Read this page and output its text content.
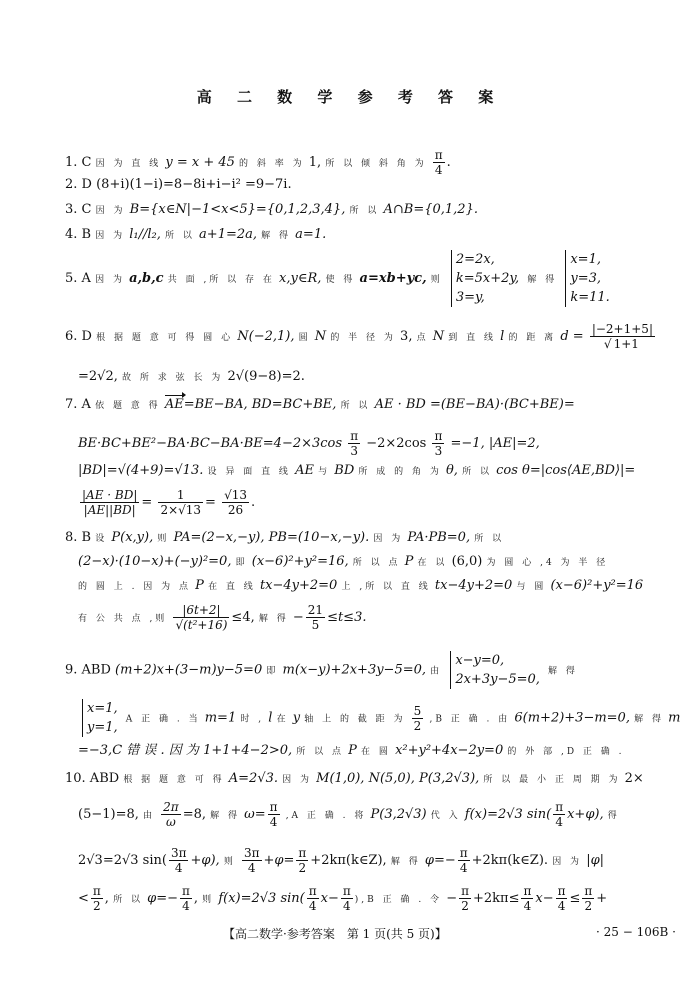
高 二 数 学 参 考 答 案
1. C 因 为 直 线 y = x + 45 的 斜 率 为 1, 所 以 倾 斜 角 为 $\frac{\pi}{4}$ .
2. D (8+i)(1−i)=8−8i+i−i² =9−7i.
3. C 因 为 B={x∈N|−1<x<5}={0,1,2,3,4}, 所 以 A∩B={0,1,2}.
4. B 因 为 l₁//l₂, 所 以 a+1=2a, 解 得 a=1.
5. A 因 为 a,b,c 共 面 ,所 以 存 在 x,y∈R, 使 得 a=xb+yc, 则 2=2x,
k=5x+2y,
3=y, 解 得 x=1,
y=3,
k=11.
6. D 根 据 题 意 可 得 圆 心 N(−2,1), 圆 N 的 半 径 为 3, 点 N 到 直 线 l 的 距 离 $d = \frac{|-2+1+5|}{√ 1+1}$
=2√2, 故 所 求 弦 长 为 2√(9−8)=2.
7. A 依 题 意 得 AE=BE−BA, BD=BC+BE, 所 以 AE · BD =(BE−BA)·(BC+BE)=
$BE\cdot BC+BE^2-BA\cdot BC-BA\cdot BE=4-2\times 3\cos \frac{\pi}{3} -2\times 2\cos \frac{\pi}{3} =-1$, |AE|=2,
|BD|=√(4+9)=√13. 设 异 面 直 线 AE 与 BD 所 成 的 角 为 θ, 所 以 cos θ=|cos⟨AE,BD⟩|=
$\frac{|AE \cdot BD|}{|AE||BD|} = \frac{1}{2\times√13} = \frac{√13}{26}$ .
8. B 设 P(x,y), 则 PA=(2−x,−y), PB=(10−x,−y). 因 为 PA·PB=0, 所 以
(2−x)·(10−x)+(−y)²=0, 即 (x−6)²+y²=16, 所 以 点 P 在 以 (6,0) 为 圆 心 ,4 为 半 径
的 圆 上 . 因 为 点 P 在 直 线 tx−4y+2=0 上 ,所 以 直 线 tx−4y+2=0 与 圆 (x−6)²+y²=16
有 公 共 点 ,则 $\frac{|6t+2|}{\text{√(t²+16)}} \le 4$, 解 得 − $\frac{21}{5} \le t\le 3$.
9. ABD (m+2)x+(3−m)y−5=0 即 m(x−y)+2x+3y−5=0, 由 x−y=0,
2x+3y−5=0, 解 得
x=1,
y=1, A 正 确 . 当 m=1 时 , l 在 y 轴 上 的 截 距 为 $\frac{5}{2} ,B$ 正 确 . 由 6(m+2)+3−m=0, 解 得 m
=−3,C 错 误 . 因 为 1+1+4−2>0, 所 以 点 P 在 圆 x²+y²+4x−2y=0 的 外 部 ,D 正 确 .
10. ABD 根 据 题 意 可 得 A=2√3. 因 为 M(1,0), N(5,0), P(3,2√3), 所 以 最 小 正 周 期 为 2×
(5−1)=8, 由 $\frac{2\pi}{\omega} =8$, 解 得 $\omega= \frac{\pi}{4} ,A$ 正 确 . 将 P(3,2√3) 代 入 f(x)=2√3 $\sin( \frac{\pi}{4} x+\varphi)$, 得
2√3=2√3 $\sin( \frac{3\pi}{4} +\varphi)$, 则 $\frac{3\pi}{4} +\varphi= \frac{\pi}{2}$ +2kπ(k∈Z), 解 得 $\varphi=- \frac{\pi}{4}$ +2kπ(k∈Z). 因 为 |φ|
< $\frac{\pi}{2}$ , 所 以 $\varphi=- \frac{\pi}{4}$ , 则 f(x)=2√3 $\sin( \frac{\pi}{4} x- \frac{\pi}{4} ),B$ 正 确 . 令 − $\frac{\pi}{2} +2k\pi\le \frac{\pi}{4} x- \frac{\pi}{4} \le \frac{\pi}{2}$ +
【高二数学·参考答案　第 1 页(共 5 页)】	· 25 − 106B ·
